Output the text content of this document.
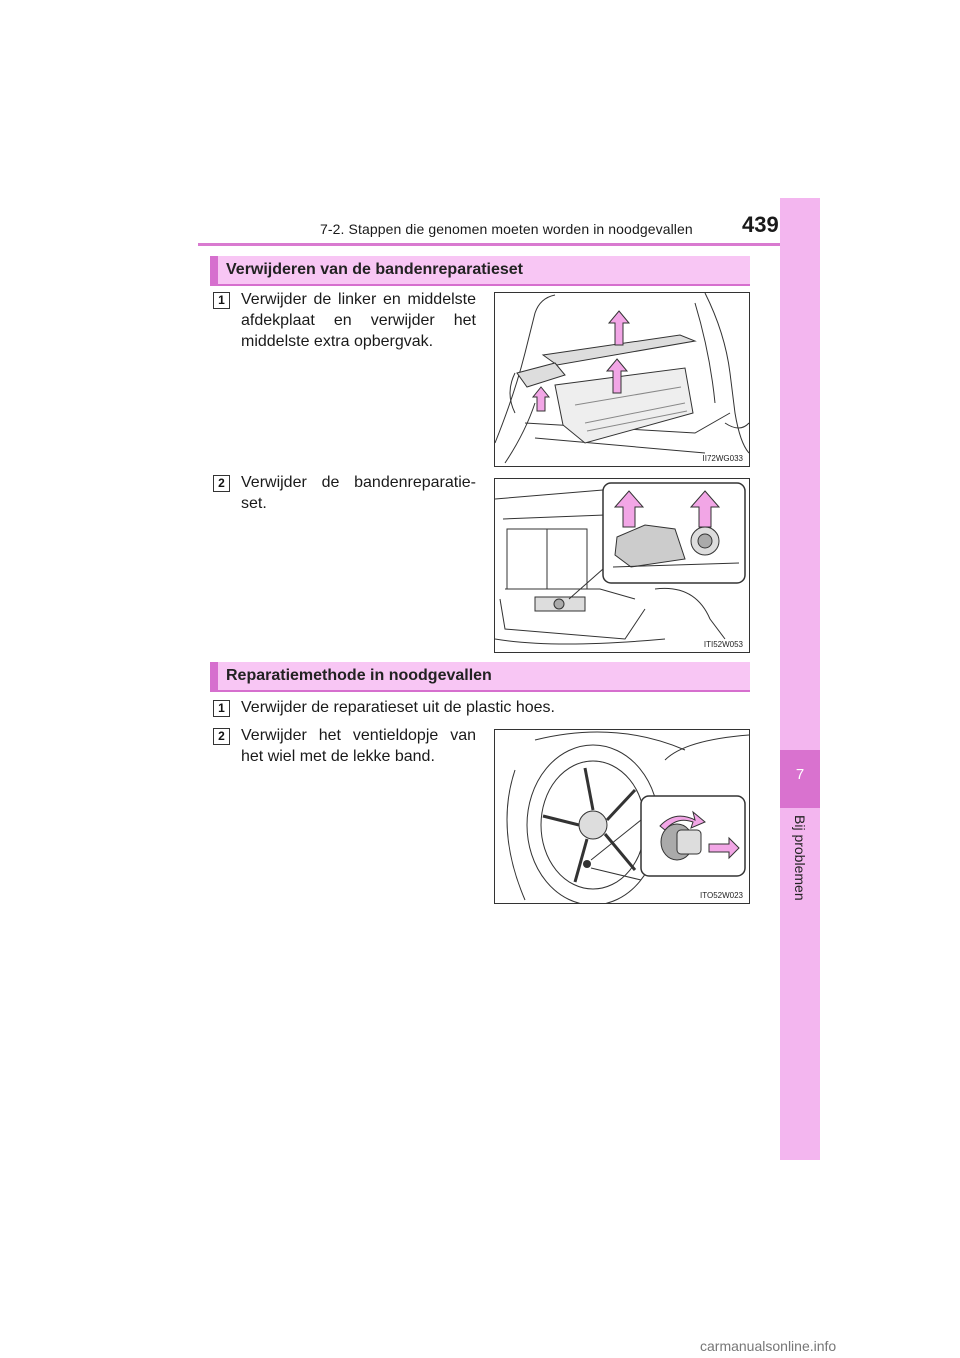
7-2. Stappen die genomen moeten worden in noodgevallen 439
7
Bij problemen
Verwijderen van de bandenreparatieset
1	Verwijder de linker en middelste afdekplaat en verwijder het middelste extra opbergvak.
II72WG033
2	Verwijder de bandenreparatie-set.
ITI52W053
Reparatiemethode in noodgevallen
1	Verwijder de reparatieset uit de plastic hoes.
2	Verwijder het ventieldopje van het wiel met de lekke band.
ITO52W023
carmanualsonline.info
